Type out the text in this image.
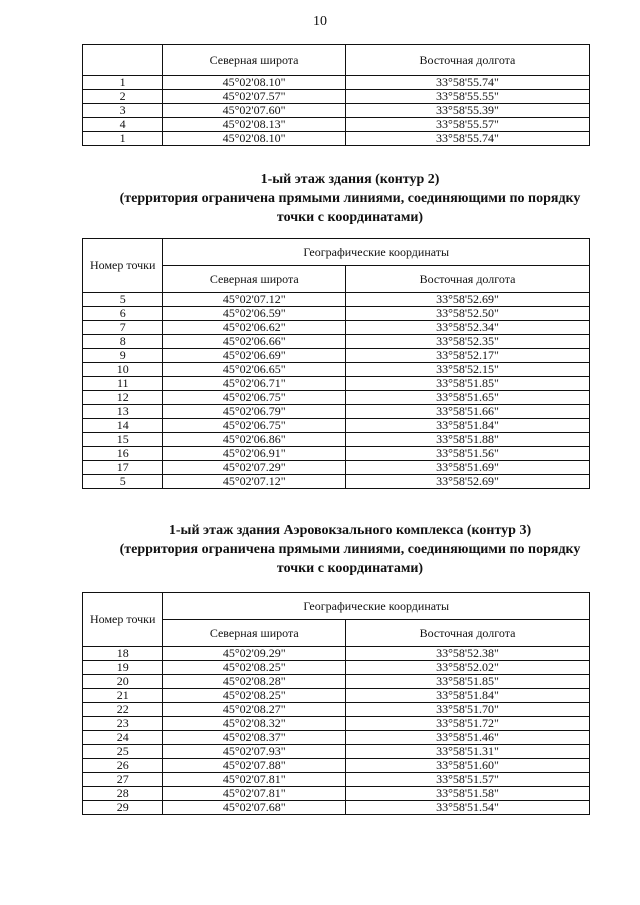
10
	Северная широта	Восточная долгота
1	45°02'08.10"	33°58'55.74"
2	45°02'07.57"	33°58'55.55"
3	45°02'07.60"	33°58'55.39"
4	45°02'08.13"	33°58'55.57"
1	45°02'08.10"	33°58'55.74"
1-ый этаж здания (контур 2)
(территория ограничена прямыми линиями, соединяющими по порядку
точки с координатами)
Номер точки	Географические координаты	
	Северная широта	Восточная долгота
5	45°02'07.12"	33°58'52.69"
6	45°02'06.59"	33°58'52.50"
7	45°02'06.62"	33°58'52.34"
8	45°02'06.66"	33°58'52.35"
9	45°02'06.69"	33°58'52.17"
10	45°02'06.65"	33°58'52.15"
11	45°02'06.71"	33°58'51.85"
12	45°02'06.75"	33°58'51.65"
13	45°02'06.79"	33°58'51.66"
14	45°02'06.75"	33°58'51.84"
15	45°02'06.86"	33°58'51.88"
16	45°02'06.91"	33°58'51.56"
17	45°02'07.29"	33°58'51.69"
5	45°02'07.12"	33°58'52.69"
1-ый этаж здания Аэровокзального комплекса (контур 3)
(территория ограничена прямыми линиями, соединяющими по порядку
точки с координатами)
Номер точки	Географические координаты	
	Северная широта	Восточная долгота
18	45°02'09.29"	33°58'52.38"
19	45°02'08.25"	33°58'52.02"
20	45°02'08.28"	33°58'51.85"
21	45°02'08.25"	33°58'51.84"
22	45°02'08.27"	33°58'51.70"
23	45°02'08.32"	33°58'51.72"
24	45°02'08.37"	33°58'51.46"
25	45°02'07.93"	33°58'51.31"
26	45°02'07.88"	33°58'51.60"
27	45°02'07.81"	33°58'51.57"
28	45°02'07.81"	33°58'51.58"
29	45°02'07.68"	33°58'51.54"
